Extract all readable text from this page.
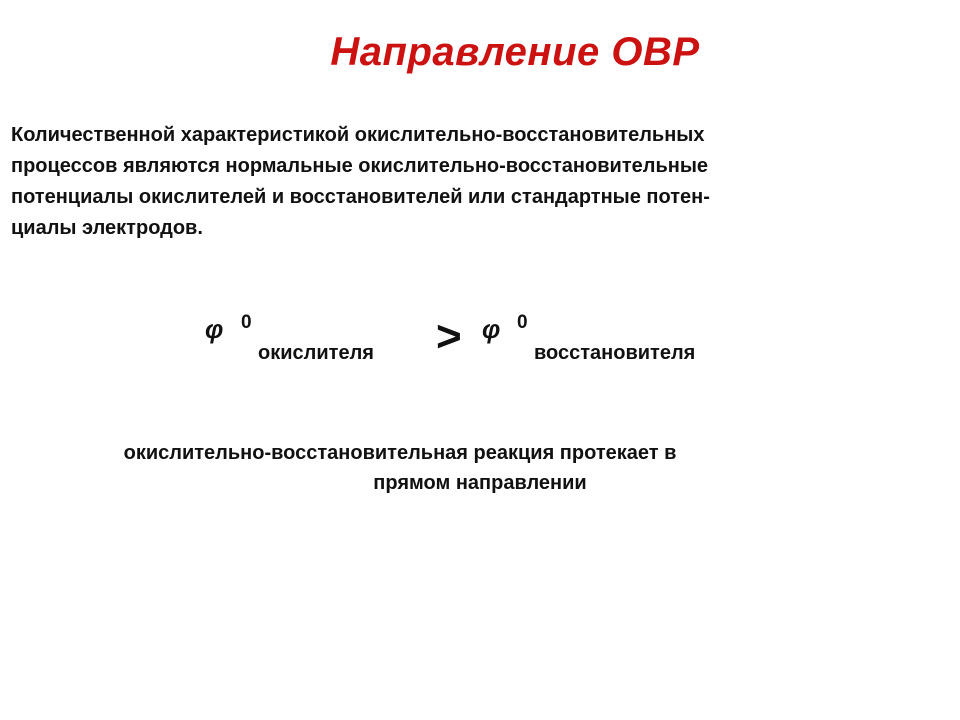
Направление ОВР
Количественной характеристикой окислительно-восстановительных
процессов являются нормальные окислительно-восстановительные
потенциалы окислителей и восстановителей или стандартные потен-
циалы электродов.
φ 0
окислителя > φ 0
восстановителя
окислительно-восстановительная реакция протекает в
прямом направлении
